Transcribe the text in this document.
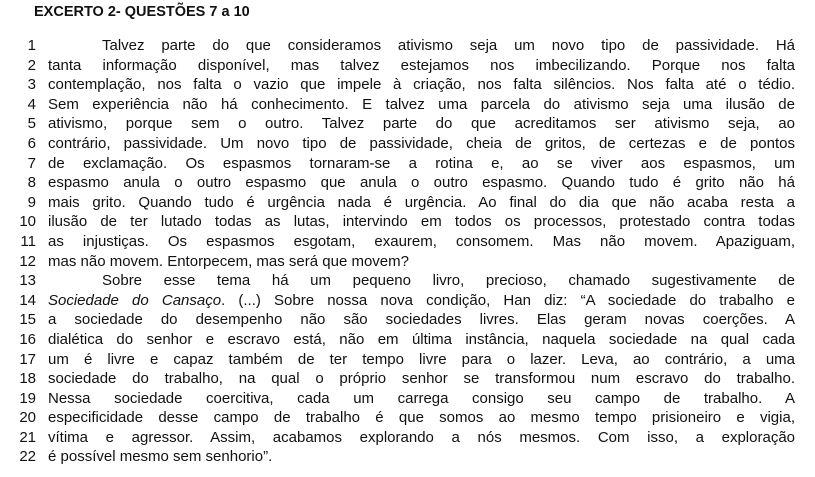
EXCERTO 2- QUESTÕES 7 a 10
1	Talvez parte do que consideramos ativismo seja um novo tipo de passividade. Há
2 tanta informação disponível, mas talvez estejamos nos imbecilizando. Porque nos falta
3 contemplação, nos falta o vazio que impele à criação, nos falta silêncios. Nos falta até o tédio.
4 Sem experiência não há conhecimento. E talvez uma parcela do ativismo seja uma ilusão de
5 ativismo, porque sem o outro. Talvez parte do que acreditamos ser ativismo seja, ao
6 contrário, passividade. Um novo tipo de passividade, cheia de gritos, de certezas e de pontos
7 de exclamação. Os espasmos tornaram-se a rotina e, ao se viver aos espasmos, um
8 espasmo anula o outro espasmo que anula o outro espasmo. Quando tudo é grito não há
9 mais grito. Quando tudo é urgência nada é urgência. Ao final do dia que não acaba resta a
10 ilusão de ter lutado todas as lutas, intervindo em todos os processos, protestado contra todas
11 as injustiças. Os espasmos esgotam, exaurem, consomem. Mas não movem. Apaziguam,
12 mas não movem. Entorpecem, mas será que movem?
13	Sobre esse tema há um pequeno livro, precioso, chamado sugestivamente de
14 Sociedade do Cansaço. (...) Sobre nossa nova condição, Han diz: “A sociedade do trabalho e
15 a sociedade do desempenho não são sociedades livres. Elas geram novas coerções. A
16 dialética do senhor e escravo está, não em última instância, naquela sociedade na qual cada
17 um é livre e capaz também de ter tempo livre para o lazer. Leva, ao contrário, a uma
18 sociedade do trabalho, na qual o próprio senhor se transformou num escravo do trabalho.
19 Nessa sociedade coercitiva, cada um carrega consigo seu campo de trabalho. A
20 especificidade desse campo de trabalho é que somos ao mesmo tempo prisioneiro e vigia,
21 vítima e agressor. Assim, acabamos explorando a nós mesmos. Com isso, a exploração
22 é possível mesmo sem senhorio”.
